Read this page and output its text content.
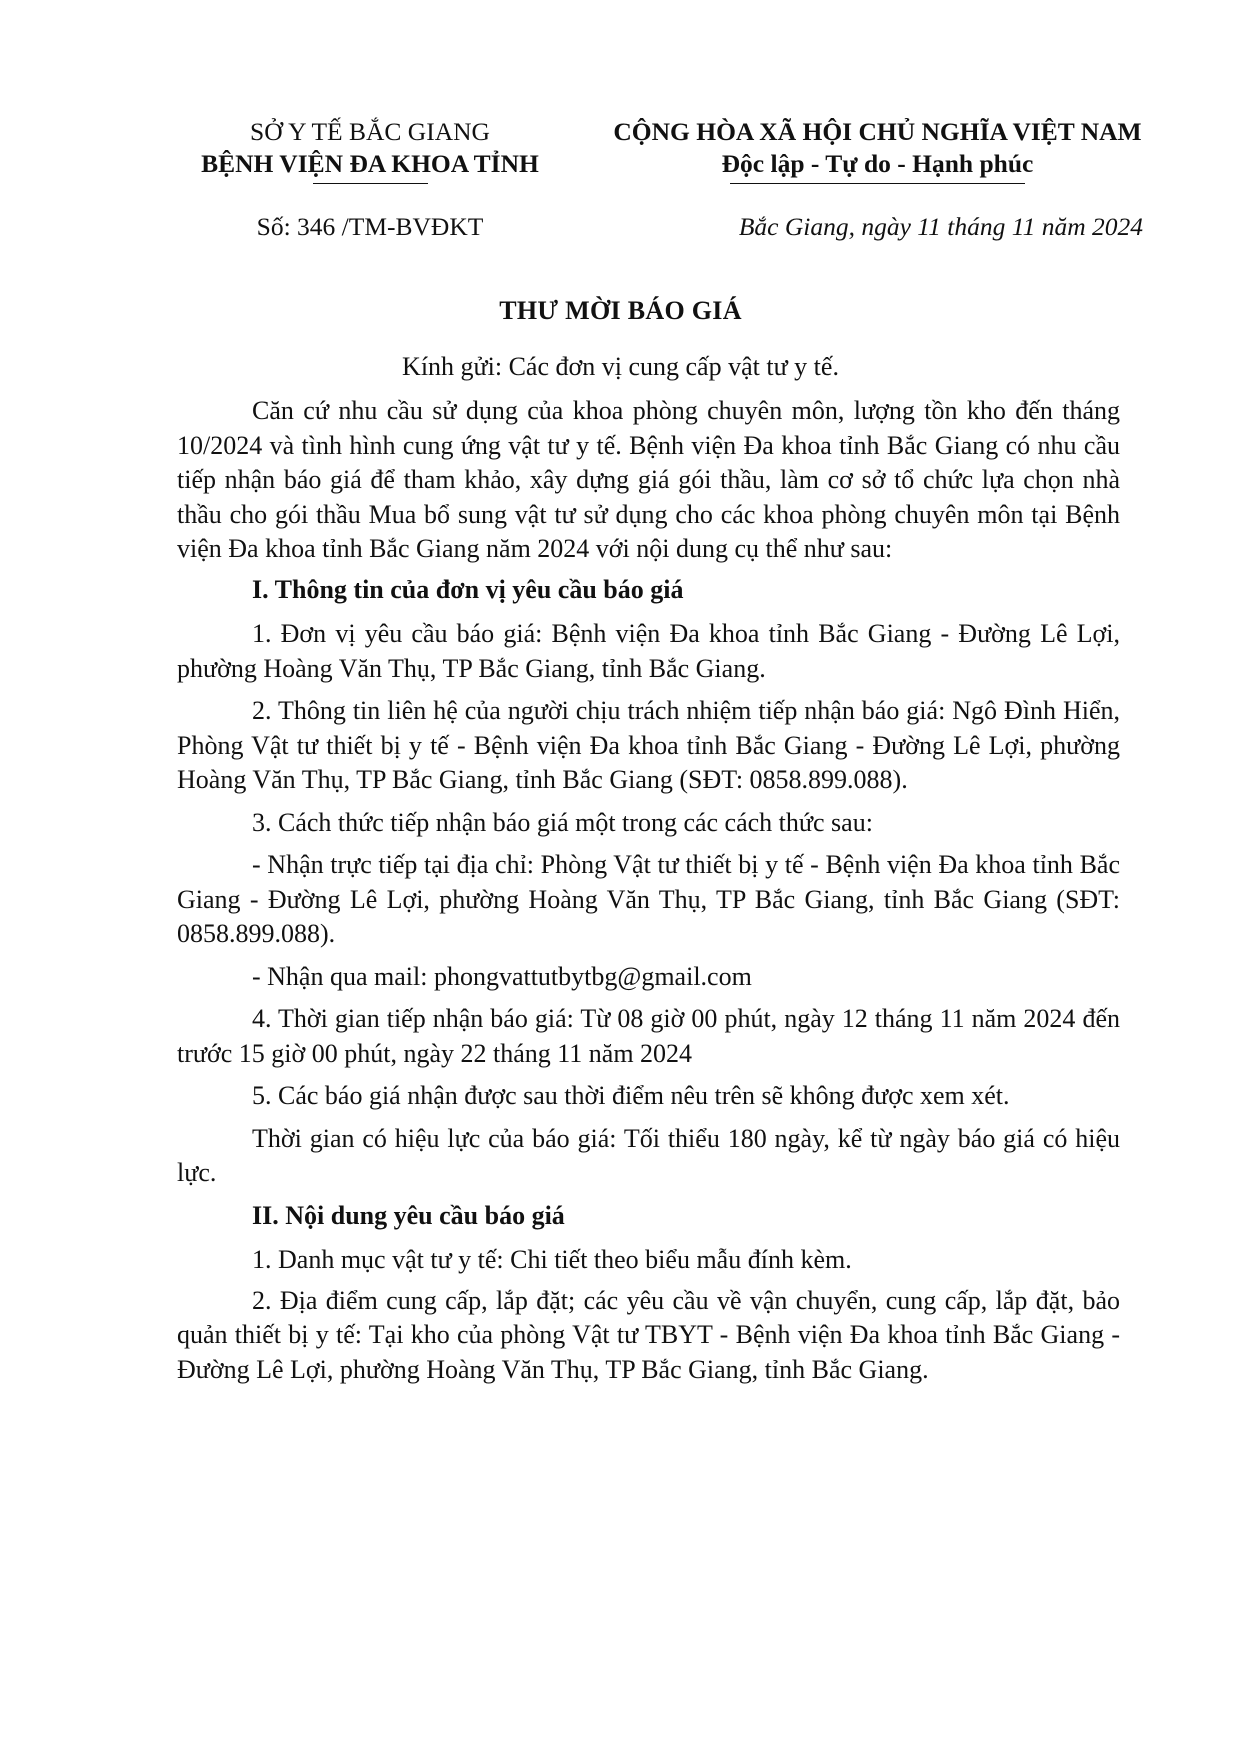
SỞ Y TẾ BẮC GIANG
BỆNH VIỆN ĐA KHOA TỈNH
CỘNG HÒA XÃ HỘI CHỦ NGHĨA VIỆT NAM
Độc lập - Tự do - Hạnh phúc
Số: 346 /TM-BVĐKT	Bắc Giang, ngày 11 tháng 11 năm 2024
THƯ MỜI BÁO GIÁ
Kính gửi: Các đơn vị cung cấp vật tư y tế.

Căn cứ nhu cầu sử dụng của khoa phòng chuyên môn, lượng tồn kho đến tháng 10/2024 và tình hình cung ứng vật tư y tế. Bệnh viện Đa khoa tỉnh Bắc Giang có nhu cầu tiếp nhận báo giá để tham khảo, xây dựng giá gói thầu, làm cơ sở tổ chức lựa chọn nhà thầu cho gói thầu Mua bổ sung vật tư sử dụng cho các khoa phòng chuyên môn tại Bệnh viện Đa khoa tỉnh Bắc Giang năm 2024 với nội dung cụ thể như sau:

I. Thông tin của đơn vị yêu cầu báo giá

1. Đơn vị yêu cầu báo giá: Bệnh viện Đa khoa tỉnh Bắc Giang - Đường Lê Lợi, phường Hoàng Văn Thụ, TP Bắc Giang, tỉnh Bắc Giang.

2. Thông tin liên hệ của người chịu trách nhiệm tiếp nhận báo giá: Ngô Đình Hiển, Phòng Vật tư thiết bị y tế - Bệnh viện Đa khoa tỉnh Bắc Giang - Đường Lê Lợi, phường Hoàng Văn Thụ, TP Bắc Giang, tỉnh Bắc Giang (SĐT: 0858.899.088).

3. Cách thức tiếp nhận báo giá một trong các cách thức sau:

- Nhận trực tiếp tại địa chỉ: Phòng Vật tư thiết bị y tế - Bệnh viện Đa khoa tỉnh Bắc Giang - Đường Lê Lợi, phường Hoàng Văn Thụ, TP Bắc Giang, tỉnh Bắc Giang (SĐT: 0858.899.088).

- Nhận qua mail: phongvattutbytbg@gmail.com

4. Thời gian tiếp nhận báo giá: Từ 08 giờ 00 phút, ngày 12 tháng 11 năm 2024 đến trước 15 giờ 00 phút, ngày 22 tháng 11 năm 2024

5. Các báo giá nhận được sau thời điểm nêu trên sẽ không được xem xét.

Thời gian có hiệu lực của báo giá: Tối thiểu 180 ngày, kể từ ngày báo giá có hiệu lực.

II. Nội dung yêu cầu báo giá

1. Danh mục vật tư y tế: Chi tiết theo biểu mẫu đính kèm.

2. Địa điểm cung cấp, lắp đặt; các yêu cầu về vận chuyển, cung cấp, lắp đặt, bảo quản thiết bị y tế: Tại kho của phòng Vật tư TBYT - Bệnh viện Đa khoa tỉnh Bắc Giang - Đường Lê Lợi, phường Hoàng Văn Thụ, TP Bắc Giang, tỉnh Bắc Giang.
